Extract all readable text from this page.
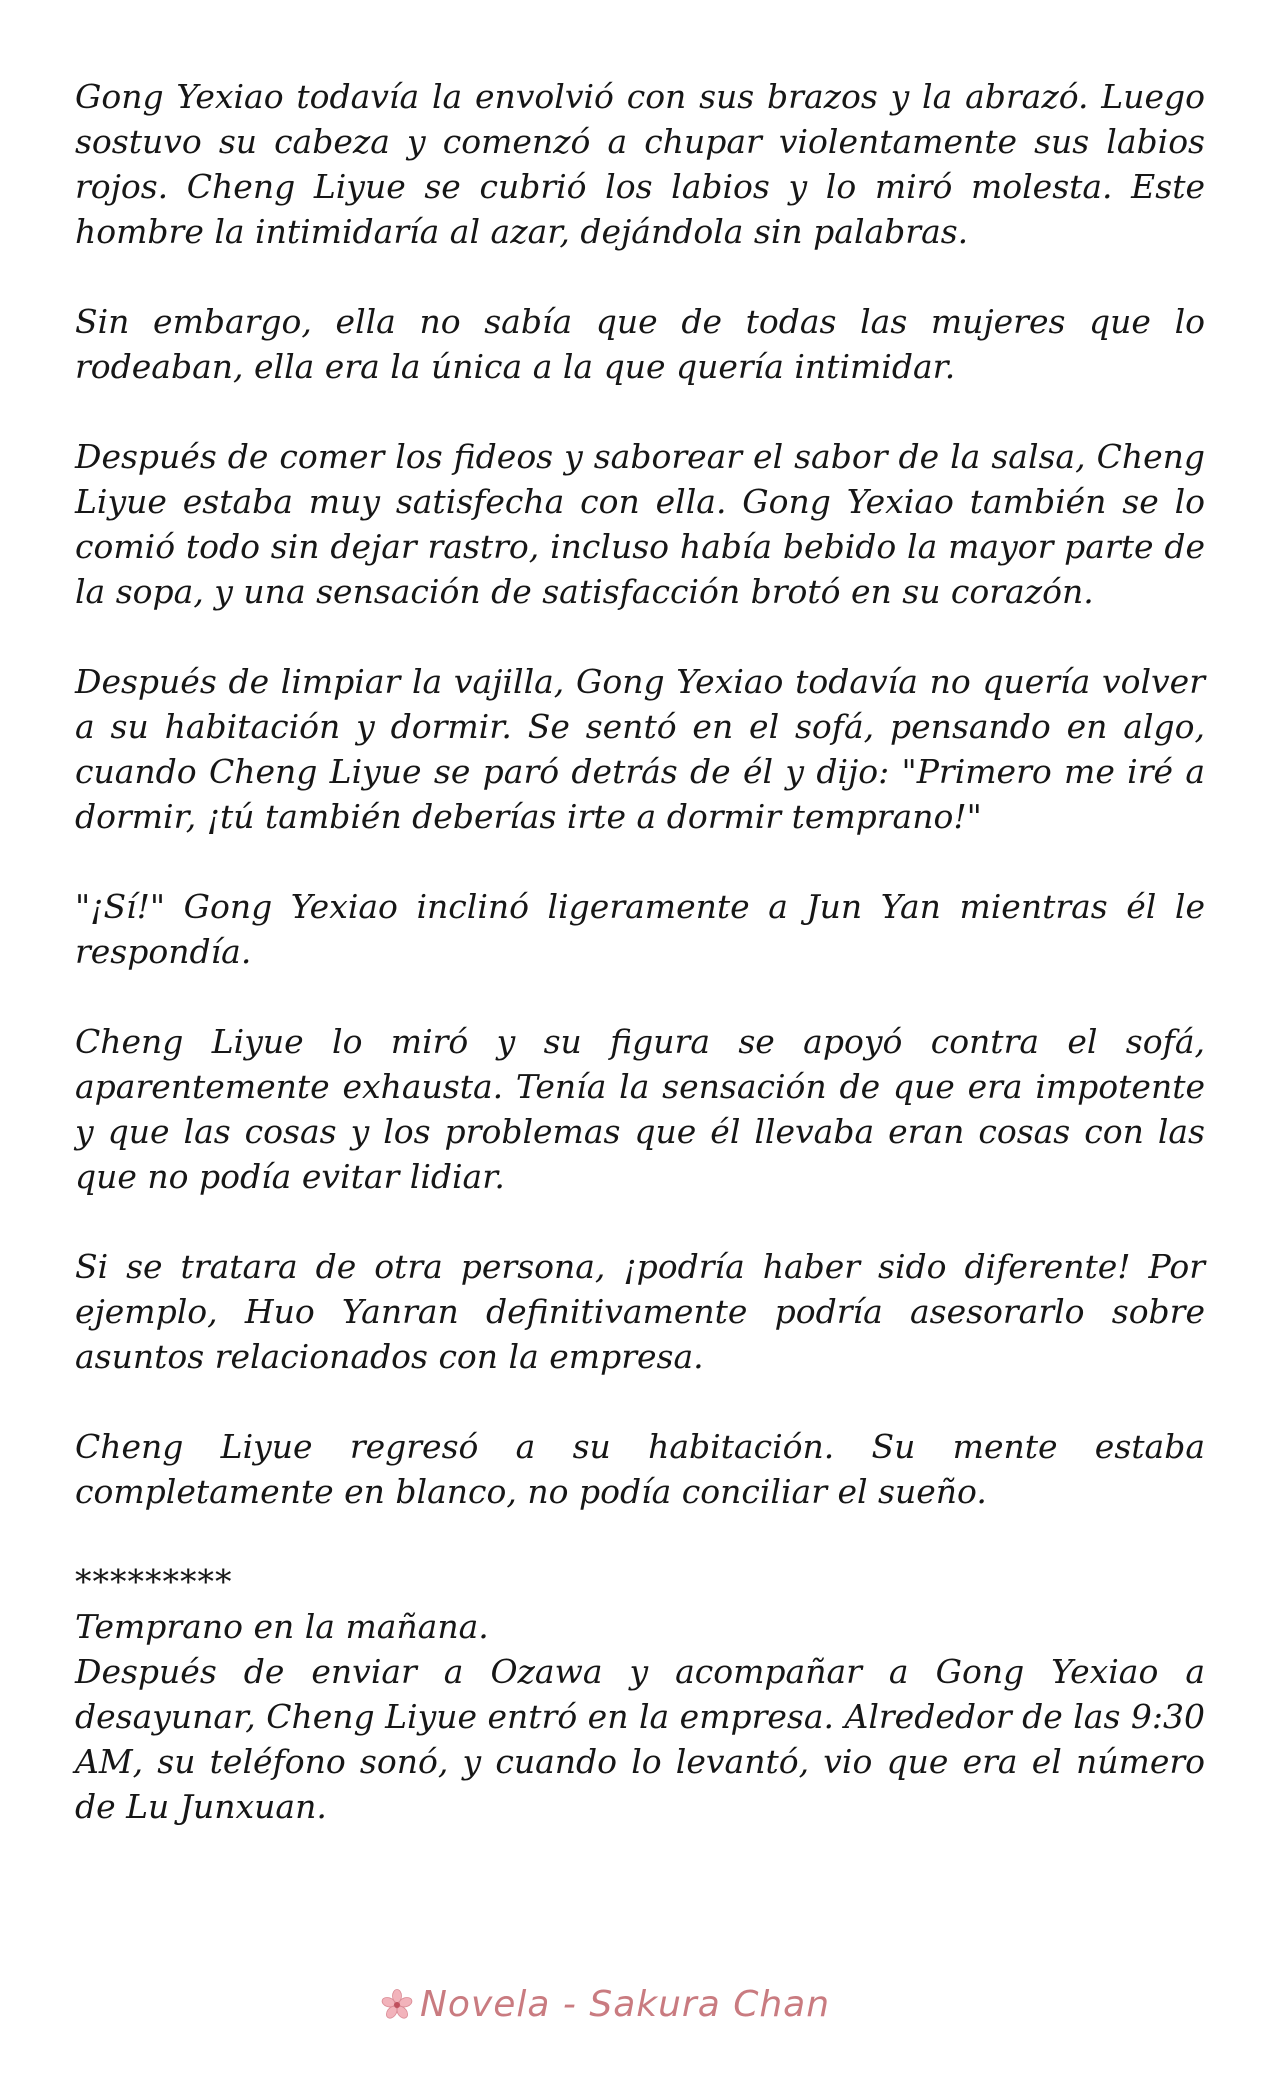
Gong Yexiao todavía la envolvió con sus brazos y la abrazó. Luego sostuvo su cabeza y comenzó a chupar violentamente sus labios rojos. Cheng Liyue se cubrió los labios y lo miró molesta. Este hombre la intimidaría al azar, dejándola sin palabras.

Sin embargo, ella no sabía que de todas las mujeres que lo rodeaban, ella era la única a la que quería intimidar.

Después de comer los fideos y saborear el sabor de la salsa, Cheng Liyue estaba muy satisfecha con ella. Gong Yexiao también se lo comió todo sin dejar rastro, incluso había bebido la mayor parte de la sopa, y una sensación de satisfacción brotó en su corazón.

Después de limpiar la vajilla, Gong Yexiao todavía no quería volver a su habitación y dormir. Se sentó en el sofá, pensando en algo, cuando Cheng Liyue se paró detrás de él y dijo: "Primero me iré a dormir, ¡tú también deberías irte a dormir temprano!"

"¡Sí!" Gong Yexiao inclinó ligeramente a Jun Yan mientras él le respondía.

Cheng Liyue lo miró y su figura se apoyó contra el sofá, aparentemente exhausta. Tenía la sensación de que era impotente y que las cosas y los problemas que él llevaba eran cosas con las que no podía evitar lidiar.

Si se tratara de otra persona, ¡podría haber sido diferente! Por ejemplo, Huo Yanran definitivamente podría asesorarlo sobre asuntos relacionados con la empresa.

Cheng Liyue regresó a su habitación. Su mente estaba completamente en blanco, no podía conciliar el sueño.

*********

Temprano en la mañana.

Después de enviar a Ozawa y acompañar a Gong Yexiao a desayunar, Cheng Liyue entró en la empresa. Alrededor de las 9:30 AM, su teléfono sonó, y cuando lo levantó, vio que era el número de Lu Junxuan.

Novela - Sakura Chan
